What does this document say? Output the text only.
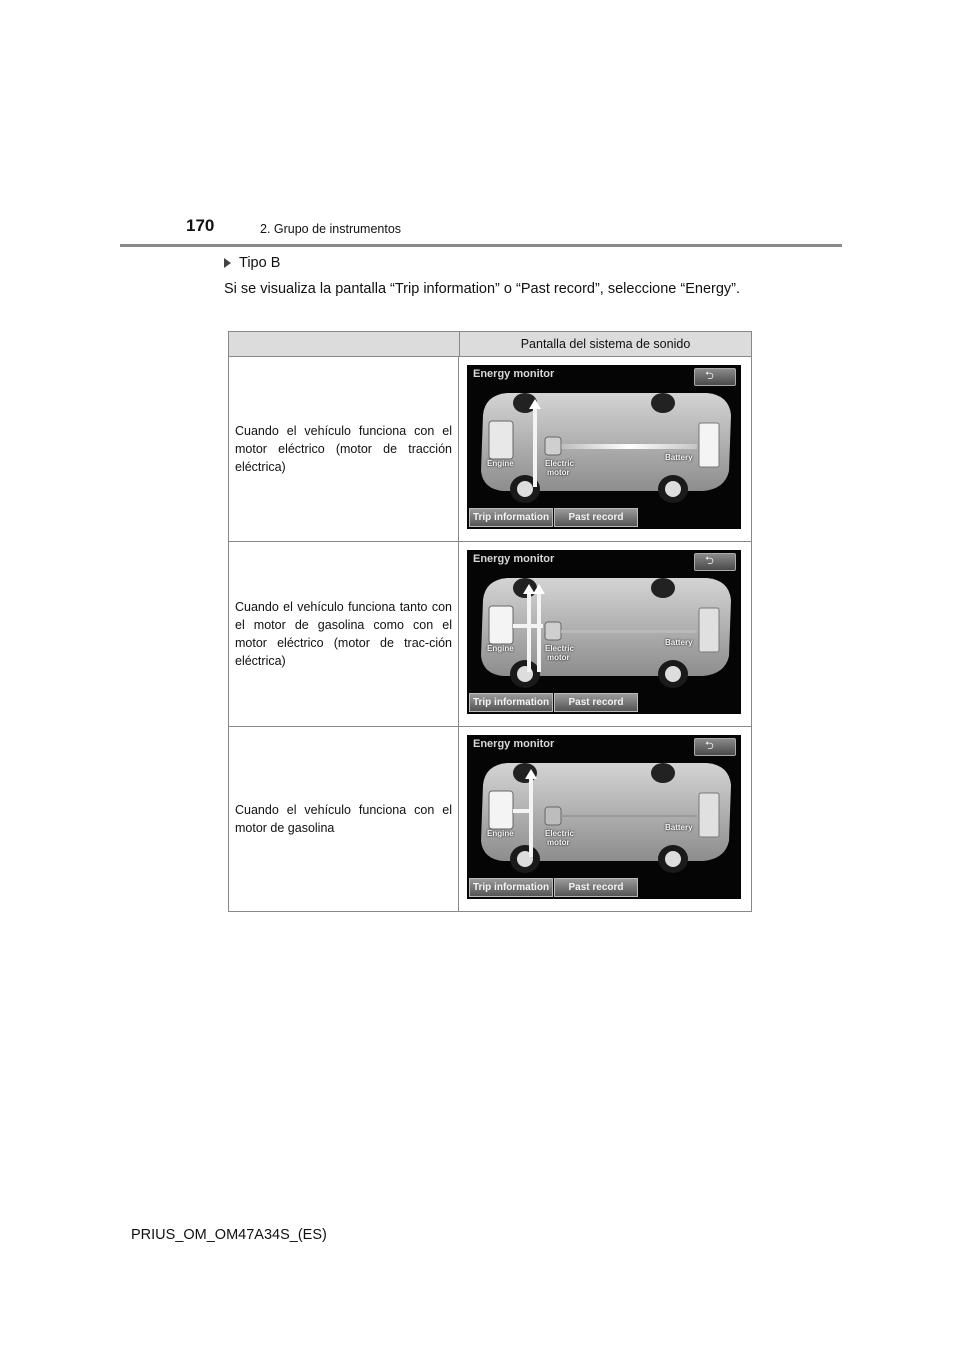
170	2. Grupo de instrumentos
Tipo B
Si se visualiza la pantalla “Trip information” o “Past record”, seleccione “Energy”.
Pantalla del sistema de sonido
Cuando el vehículo funciona con el motor eléctrico (motor de tracción eléctrica)
Energy monitor	⮌
Engine	Electric
motor
Battery
Trip information	Past record
Cuando el vehículo funciona tanto con el motor de gasolina como con el motor eléctrico (motor de trac-ción eléctrica)
Energy monitor	⮌
Engine	Electric
motor
Battery
Trip information	Past record
Cuando el vehículo funciona con el motor de gasolina
Energy monitor	⮌
Engine	Electric
motor
Battery
Trip information	Past record
PRIUS_OM_OM47A34S_(ES)
